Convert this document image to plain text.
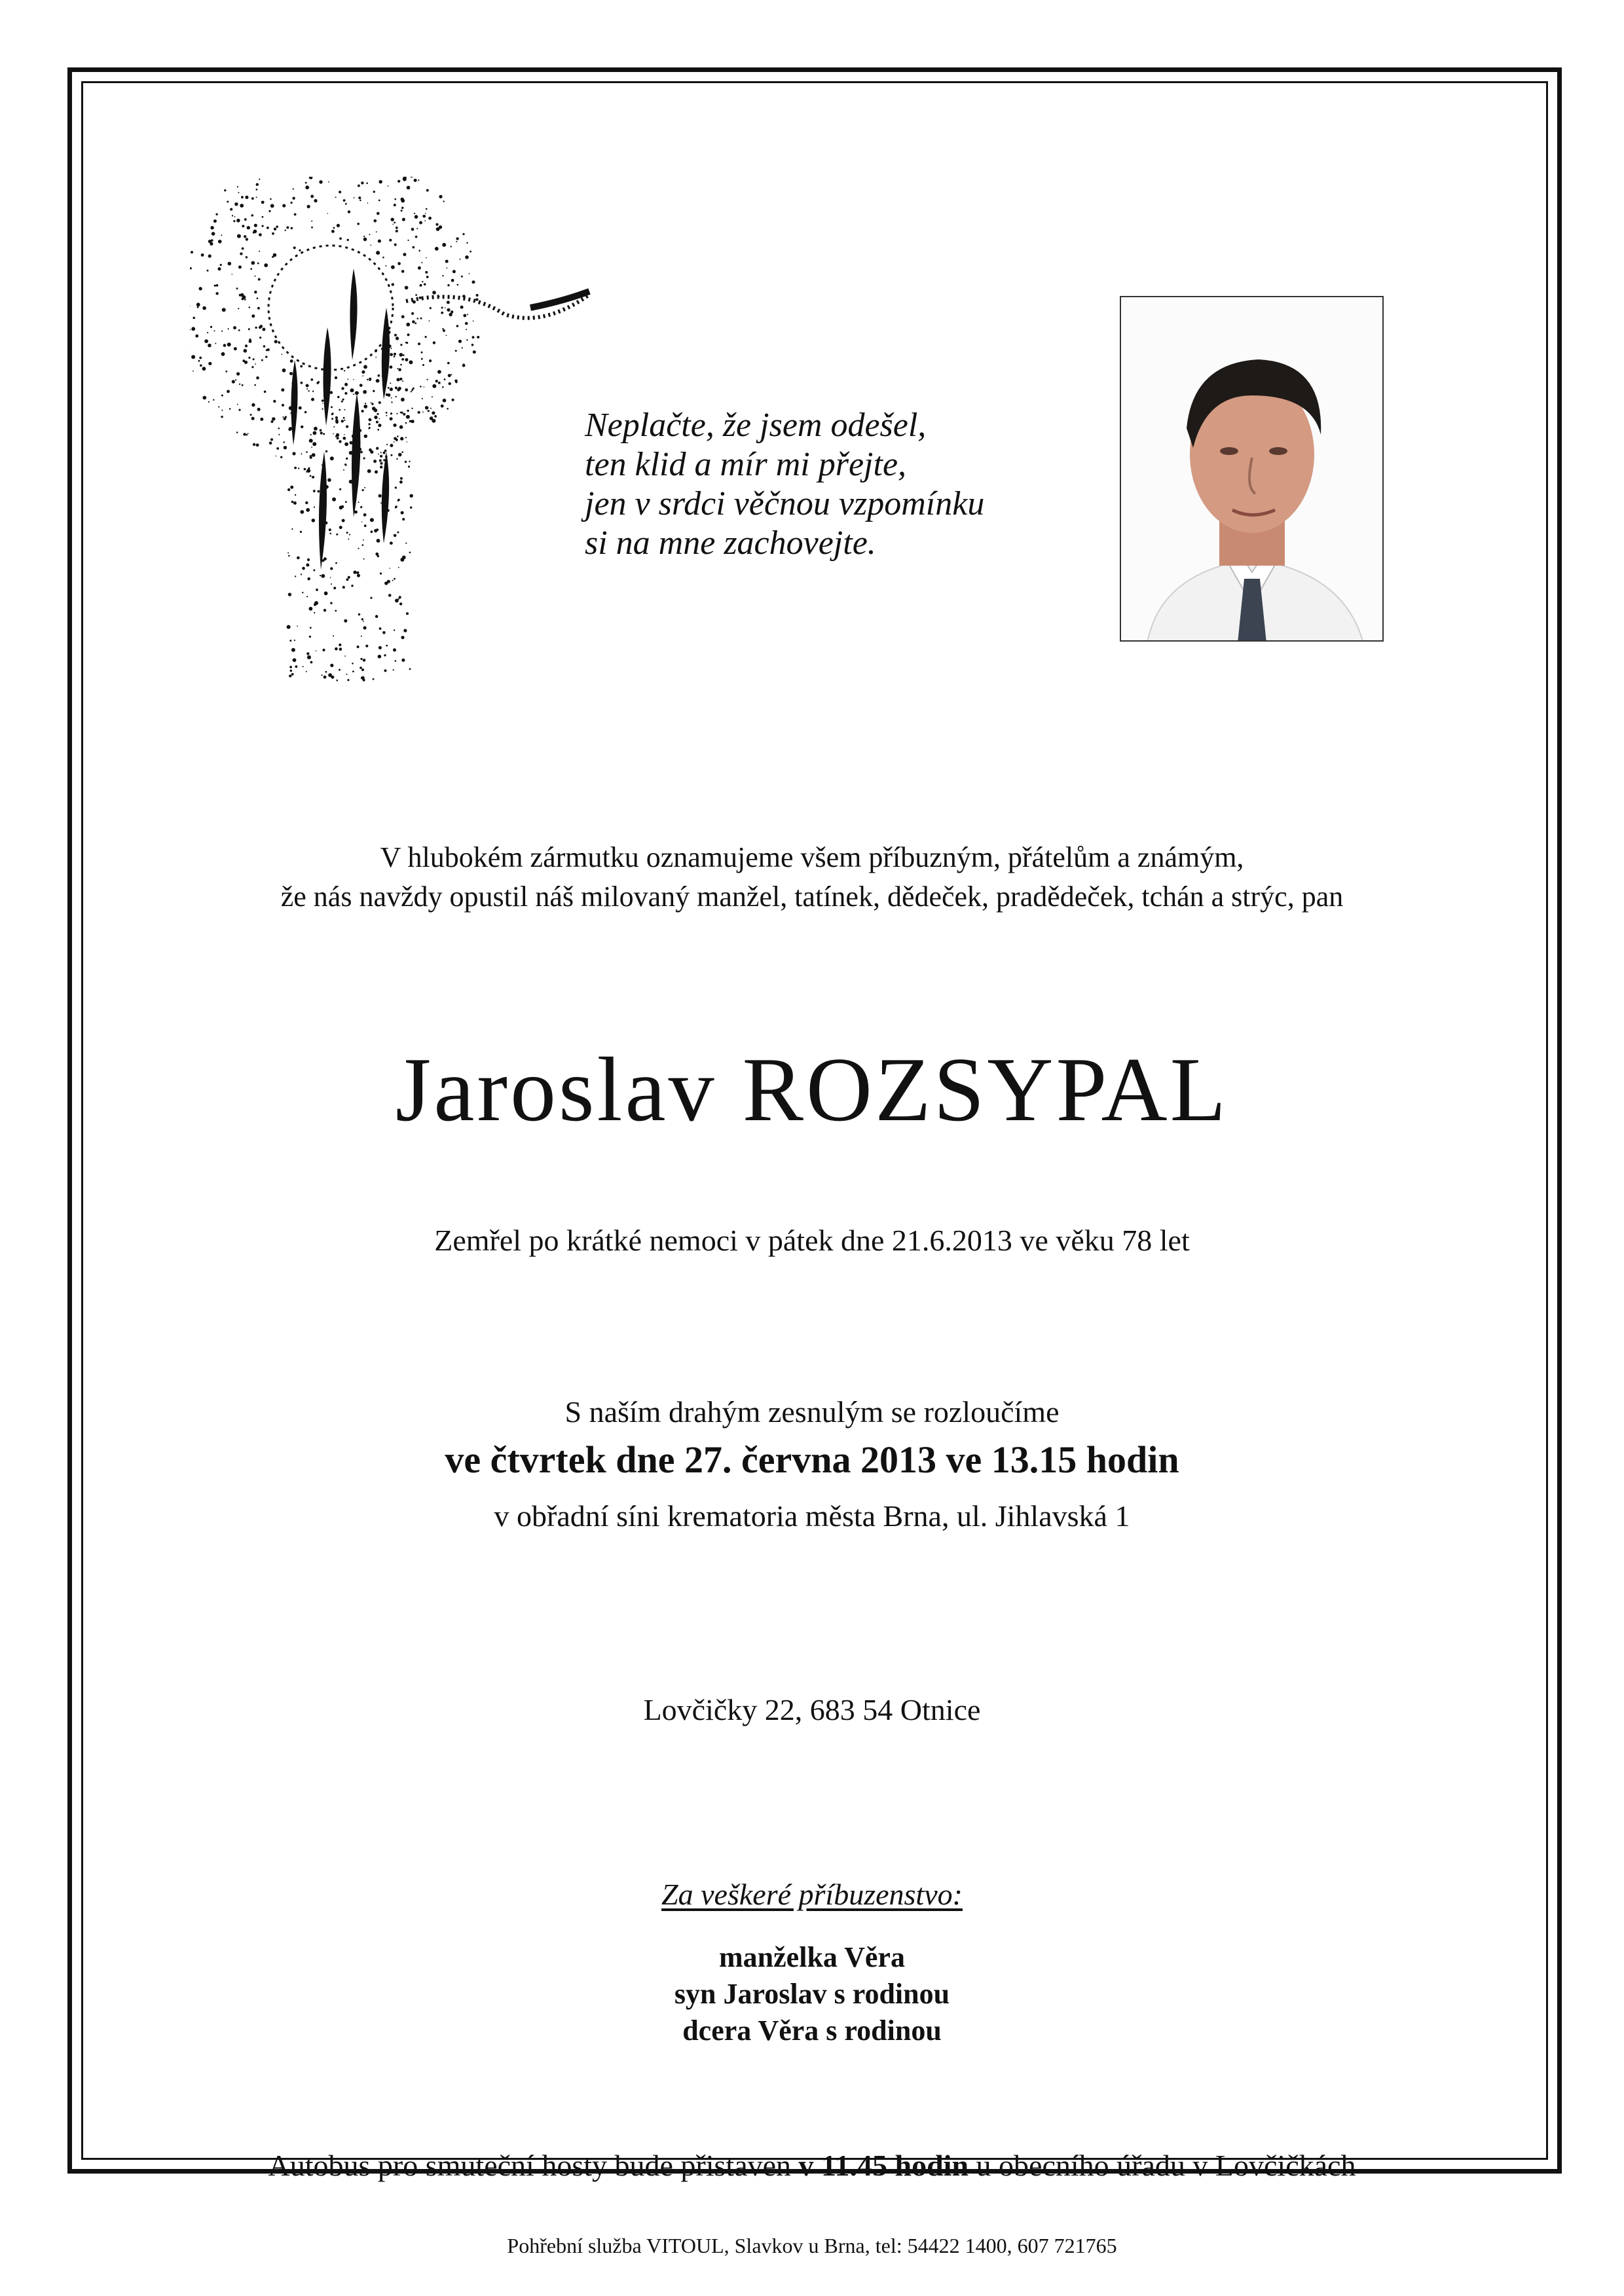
Neplačte, že jsem odešel,
ten klid a mír mi přejte,
jen v srdci věčnou vzpomínku
si na mne zachovejte.
V hlubokém zármutku oznamujeme všem příbuzným, přátelům a známým,
že nás navždy opustil náš milovaný manžel, tatínek, dědeček, pradědeček, tchán a strýc, pan
Jaroslav ROZSYPAL
Zemřel po krátké nemoci v pátek dne 21.6.2013 ve věku 78 let
S naším drahým zesnulým se rozloučíme
ve čtvrtek dne 27. června 2013 ve 13.15 hodin
v obřadní síni krematoria města Brna, ul. Jihlavská 1
Lovčičky 22, 683 54 Otnice
Za veškeré příbuzenstvo:
manželka Věra
syn Jaroslav s rodinou
dcera Věra s rodinou
Autobus pro smuteční hosty bude přistaven v 11.45 hodin u obecního úřadu v Lovčičkách
Pohřební služba VITOUL, Slavkov u Brna, tel: 54422 1400, 607 721765
